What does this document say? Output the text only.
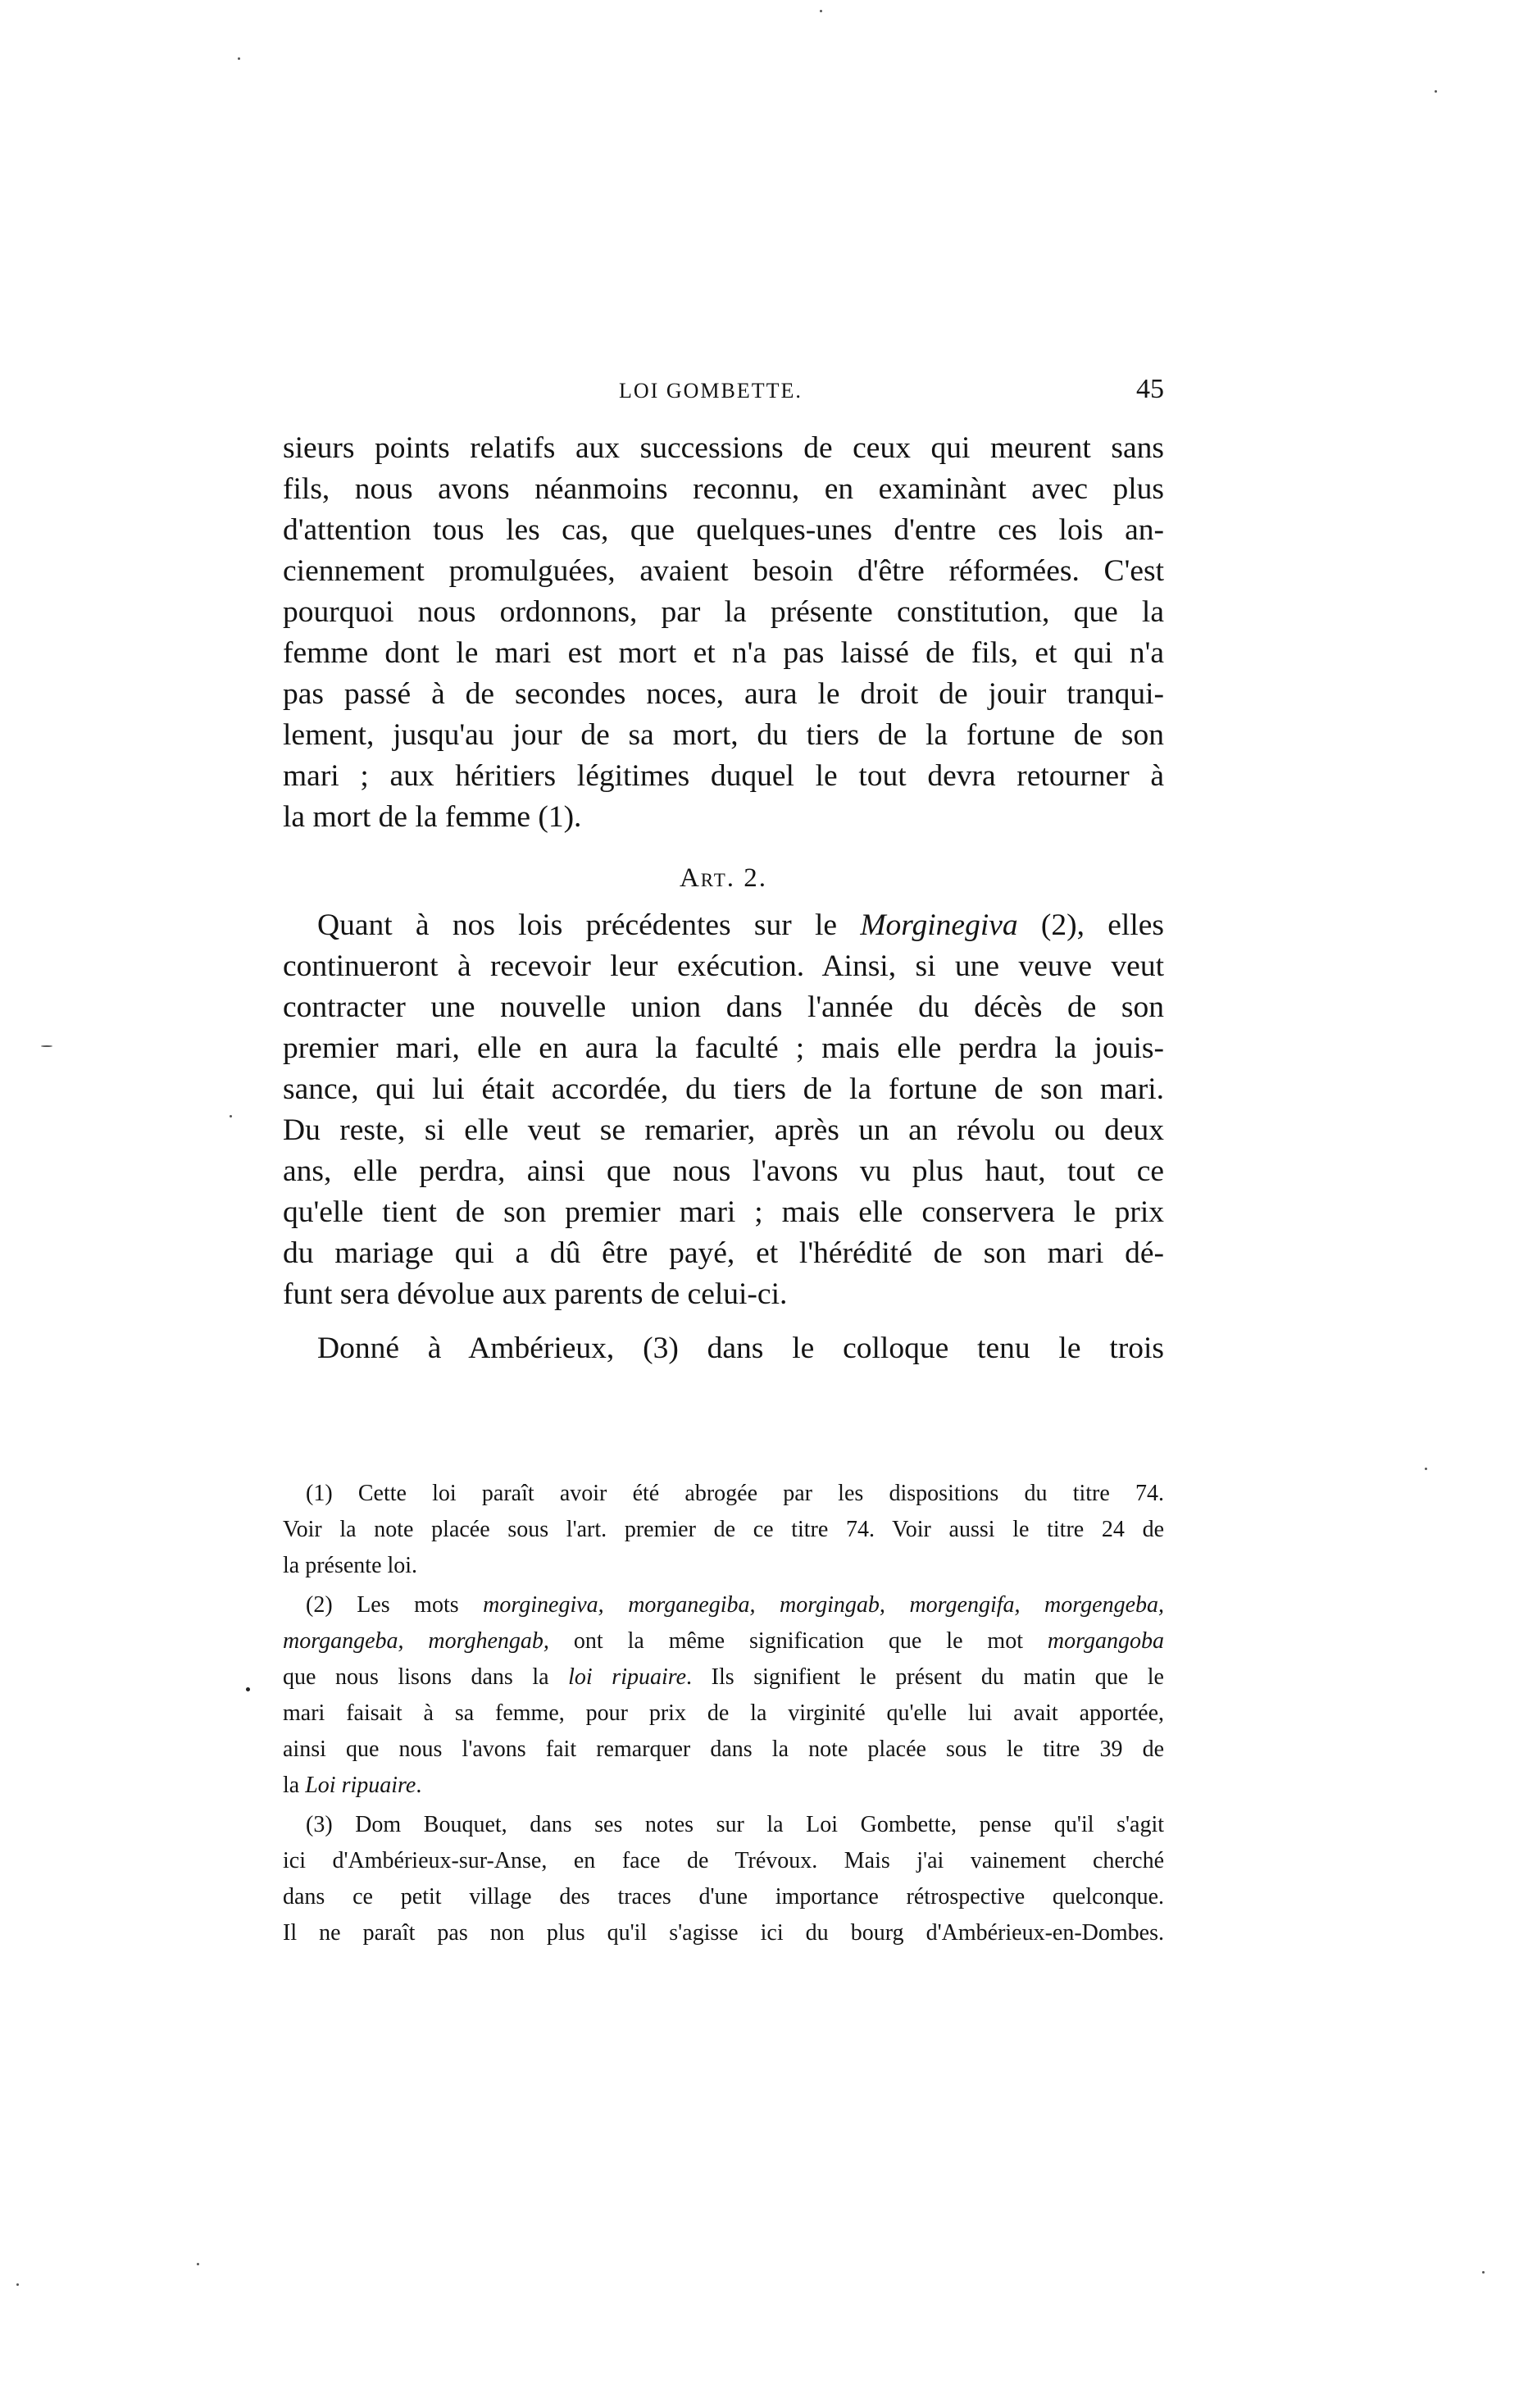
LOI GOMBETTE.	45
sieurs points relatifs aux successions de ceux qui meurent sans
fils, nous avons néanmoins reconnu, en examinànt avec plus
d'attention tous les cas, que quelques-unes d'entre ces lois an-
ciennement promulguées, avaient besoin d'être réformées. C'est
pourquoi nous ordonnons, par la présente constitution, que la
femme dont le mari est mort et n'a pas laissé de fils, et qui n'a
pas passé à de secondes noces, aura le droit de jouir tranqui-
lement, jusqu'au jour de sa mort, du tiers de la fortune de son
mari ; aux héritiers légitimes duquel le tout devra retourner à
la mort de la femme (1).
Art. 2.
Quant à nos lois précédentes sur le Morginegiva (2), elles
continueront à recevoir leur exécution. Ainsi, si une veuve veut
contracter une nouvelle union dans l'année du décès de son
premier mari, elle en aura la faculté ; mais elle perdra la jouis-
sance, qui lui était accordée, du tiers de la fortune de son mari.
Du reste, si elle veut se remarier, après un an révolu ou deux
ans, elle perdra, ainsi que nous l'avons vu plus haut, tout ce
qu'elle tient de son premier mari ; mais elle conservera le prix
du mariage qui a dû être payé, et l'hérédité de son mari dé-
funt sera dévolue aux parents de celui-ci.
Donné à Ambérieux, (3) dans le colloque tenu le trois
(1) Cette loi paraît avoir été abrogée par les dispositions du titre 74.
Voir la note placée sous l'art. premier de ce titre 74. Voir aussi le titre 24 de
la présente loi.
(2) Les mots morginegiva, morganegiba, morgingab, morgengifa, morgengeba,
morgangeba, morghengab, ont la même signification que le mot morgangoba
que nous lisons dans la loi ripuaire. Ils signifient le présent du matin que le
mari faisait à sa femme, pour prix de la virginité qu'elle lui avait apportée,
ainsi que nous l'avons fait remarquer dans la note placée sous le titre 39 de
la Loi ripuaire.
(3) Dom Bouquet, dans ses notes sur la Loi Gombette, pense qu'il s'agit
ici d'Ambérieux-sur-Anse, en face de Trévoux. Mais j'ai vainement cherché
dans ce petit village des traces d'une importance rétrospective quelconque.
Il ne paraît pas non plus qu'il s'agisse ici du bourg d'Ambérieux-en-Dombes.
